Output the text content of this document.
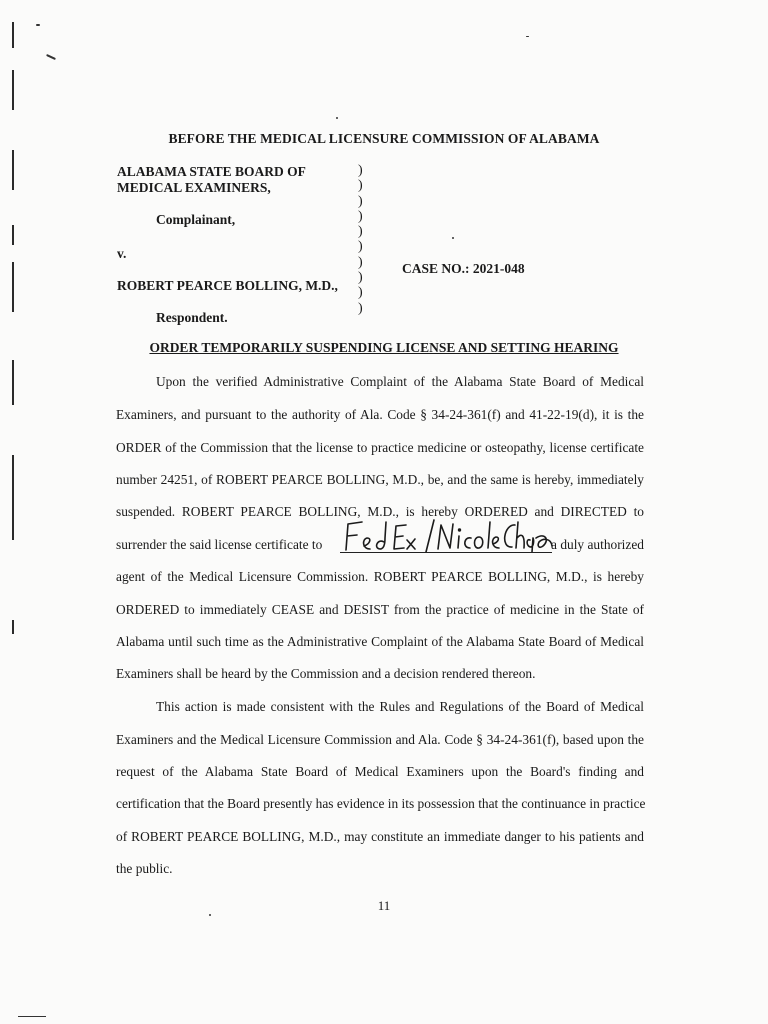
BEFORE THE MEDICAL LICENSURE COMMISSION OF ALABAMA
ALABAMA STATE BOARD OF
MEDICAL EXAMINERS,
Complainant,
v.
ROBERT PEARCE BOLLING, M.D.,
Respondent.
)
)
)
)
)
)
)
)
)
)
CASE NO.: 2021-048
ORDER TEMPORARILY SUSPENDING LICENSE AND SETTING HEARING
Upon the verified Administrative Complaint of the Alabama State Board of Medical
Examiners, and pursuant to the authority of Ala. Code § 34-24-361(f) and 41-22-19(d), it is the
ORDER of the Commission that the license to practice medicine or osteopathy, license certificate
number 24251, of ROBERT PEARCE BOLLING, M.D., be, and the same is hereby, immediately
suspended. ROBERT PEARCE BOLLING, M.D., is hereby ORDERED and DIRECTED to
surrender the said license certificate to	a duly authorized
agent of the Medical Licensure Commission. ROBERT PEARCE BOLLING, M.D., is hereby
ORDERED to immediately CEASE and DESIST from the practice of medicine in the State of
Alabama until such time as the Administrative Complaint of the Alabama State Board of Medical
Examiners shall be heard by the Commission and a decision rendered thereon.
This action is made consistent with the Rules and Regulations of the Board of Medical
Examiners and the Medical Licensure Commission and Ala. Code § 34-24-361(f), based upon the
request of the Alabama State Board of Medical Examiners upon the Board's finding and
certification that the Board presently has evidence in its possession that the continuance in practice
of ROBERT PEARCE BOLLING, M.D., may constitute an immediate danger to his patients and
the public.
11
